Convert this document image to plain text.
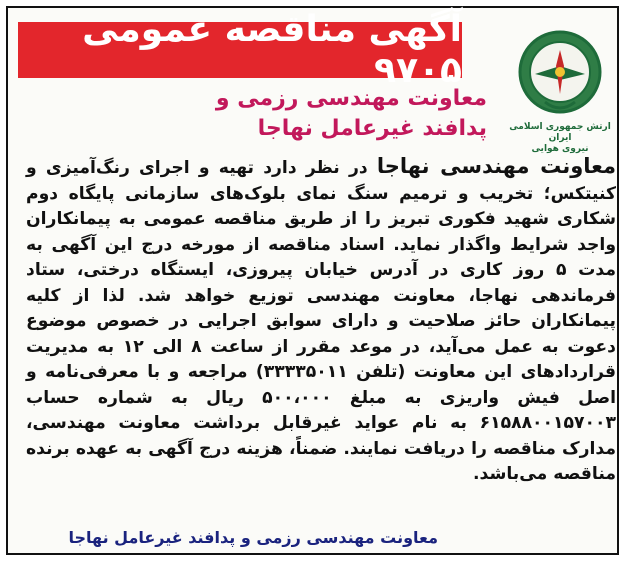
آگهی مناقصه عمومی ۹۷۰۵
ارتش جمهوری اسلامی ایران
نیروی هوایی
معاونت مهندسی رزمی و
پدافند غیرعامل نهاجا
معاونت مهندسی نهاجا در نظر دارد تهیه و اجرای رنگ‌آمیزی و کنیتکس؛ تخریب و ترمیم سنگ نمای بلوک‌های سازمانی پایگاه دوم شکاری شهید فکوری تبریز را از طریق مناقصه عمومی به پیمانکاران واجد شرایط واگذار نماید. اسناد مناقصه از مورخه درج این آگهی به مدت ۵ روز کاری در آدرس خیابان پیروزی، ایستگاه درختی، ستاد فرماندهی نهاجا، معاونت مهندسی توزیع خواهد شد. لذا از کلیه پیمانکاران حائز صلاحیت و دارای سوابق اجرایی در خصوص موضوع دعوت به عمل می‌آید، در موعد مقرر از ساعت ۸ الی ۱۲ به مدیریت قراردادهای این معاونت (تلفن ۳۳۳۳۵۰۱۱) مراجعه و با معرفی‌نامه و اصل فیش واریزی به مبلغ ۵۰۰،۰۰۰ ریال به شماره حساب ۶۱۵۸۸۰۰۱۵۷۰۰۳ به نام عواید غیرقابل برداشت معاونت مهندسی، مدارک مناقصه را دریافت نمایند. ضمناً، هزینه درج آگهی به عهده برنده مناقصه می‌باشد.
معاونت مهندسی رزمی و پدافند غیرعامل نهاجا
